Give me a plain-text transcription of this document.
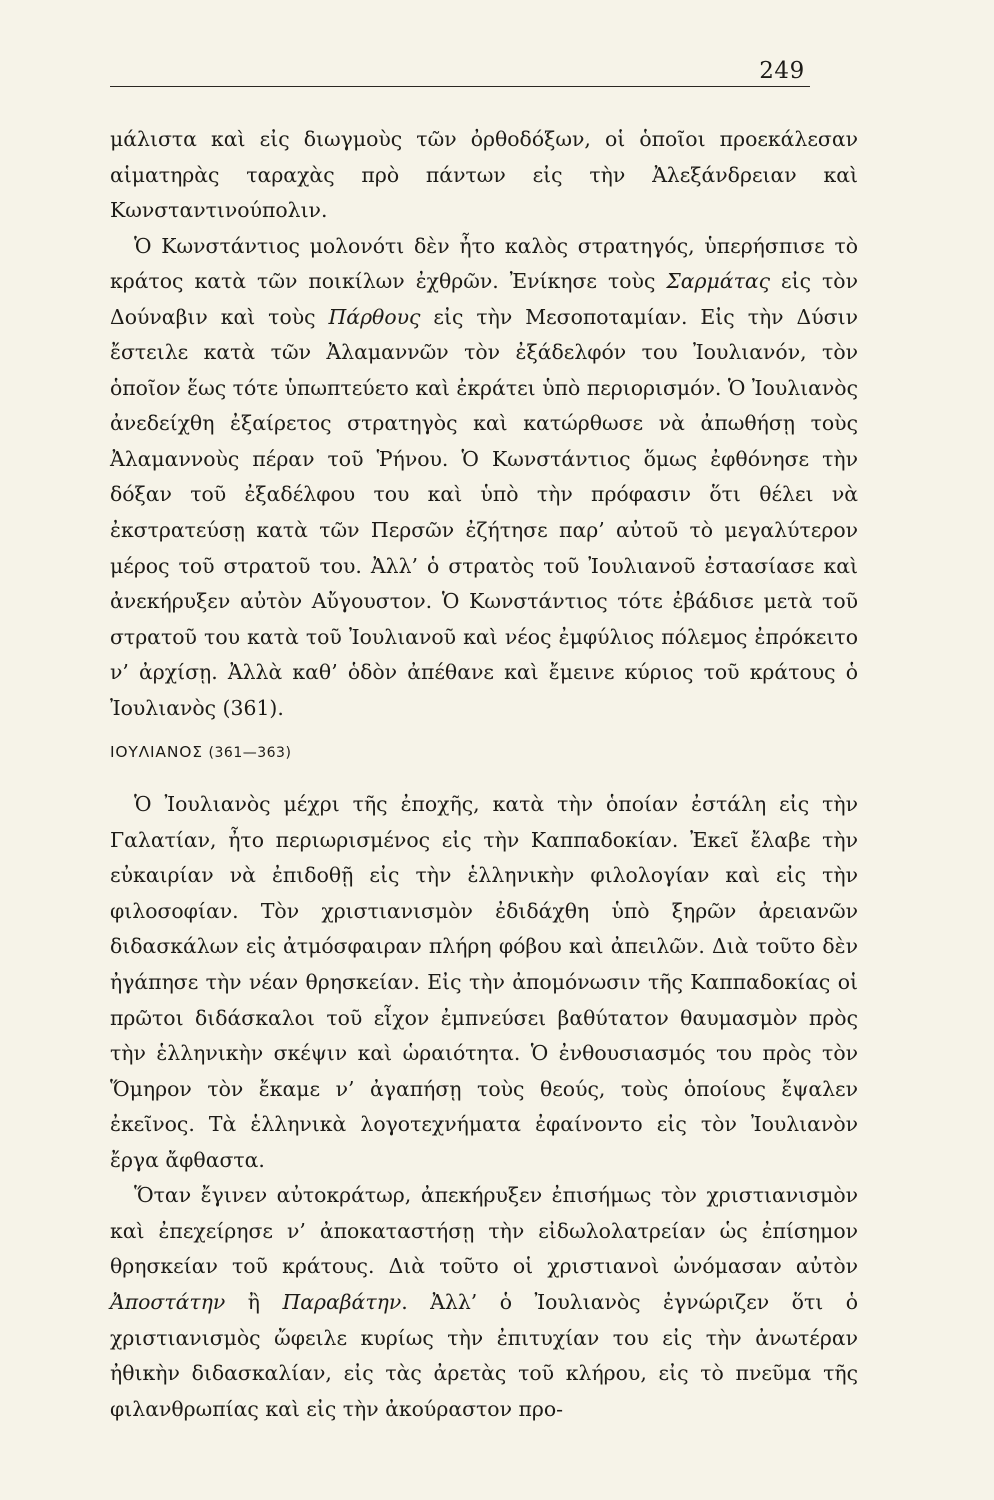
249

μάλιστα καὶ εἰς διωγμοὺς τῶν ὀρθοδόξων, οἱ ὁποῖοι προεκάλεσαν αἱματηρὰς ταραχὰς πρὸ πάντων εἰς τὴν Ἀλεξάνδρειαν καὶ Κωνσταντινούπολιν.

Ὁ Κωνστάντιος μολονότι δὲν ἦτο καλὸς στρατηγός, ὑπερήσπισε τὸ κράτος κατὰ τῶν ποικίλων ἐχθρῶν. Ἐνίκησε τοὺς Σαρμάτας εἰς τὸν Δούναβιν καὶ τοὺς Πάρθους εἰς τὴν Μεσοποταμίαν. Εἰς τὴν Δύσιν ἔστειλε κατὰ τῶν Ἀλαμαννῶν τὸν ἐξάδελφόν του Ἰουλιανόν, τὸν ὁποῖον ἕως τότε ὑπωπτεύετο καὶ ἐκράτει ὑπὸ περιορισμόν. Ὁ Ἰουλιανὸς ἀνεδείχθη ἐξαίρετος στρατηγὸς καὶ κατώρθωσε νὰ ἀπωθήσῃ τοὺς Ἀλαμαννοὺς πέραν τοῦ Ῥήνου. Ὁ Κωνστάντιος ὅμως ἐφθόνησε τὴν δόξαν τοῦ ἐξαδέλφου του καὶ ὑπὸ τὴν πρόφασιν ὅτι θέλει νὰ ἐκστρατεύσῃ κατὰ τῶν Περσῶν ἐζήτησε παρ’ αὐτοῦ τὸ μεγαλύτερον μέρος τοῦ στρατοῦ του. Ἀλλ’ ὁ στρατὸς τοῦ Ἰουλιανοῦ ἐστασίασε καὶ ἀνεκήρυξεν αὐτὸν Αὔγουστον. Ὁ Κωνστάντιος τότε ἐβάδισε μετὰ τοῦ στρατοῦ του κατὰ τοῦ Ἰουλιανοῦ καὶ νέος ἐμφύλιος πόλεμος ἐπρόκειτο ν’ ἀρχίσῃ. Ἀλλὰ καθ’ ὁδὸν ἀπέθανε καὶ ἔμεινε κύριος τοῦ κράτους ὁ Ἰουλιανὸς (361).

ΙΟΥΛΙΑΝΟΣ (361—363)

Ὁ Ἰουλιανὸς μέχρι τῆς ἐποχῆς, κατὰ τὴν ὁποίαν ἐστάλη εἰς τὴν Γαλατίαν, ἦτο περιωρισμένος εἰς τὴν Καππαδοκίαν. Ἐκεῖ ἔλαβε τὴν εὐκαιρίαν νὰ ἐπιδοθῇ εἰς τὴν ἑλληνικὴν φιλολογίαν καὶ εἰς τὴν φιλοσοφίαν. Τὸν χριστιανισμὸν ἐδιδάχθη ὑπὸ ξηρῶν ἀρειανῶν διδασκάλων εἰς ἀτμόσφαιραν πλήρη φόβου καὶ ἀπειλῶν. Διὰ τοῦτο δὲν ἠγάπησε τὴν νέαν θρησκείαν. Εἰς τὴν ἀπομόνωσιν τῆς Καππαδοκίας οἱ πρῶτοι διδάσκαλοι τοῦ εἶχον ἐμπνεύσει βαθύτατον θαυμασμὸν πρὸς τὴν ἑλληνικὴν σκέψιν καὶ ὡραιότητα. Ὁ ἐνθουσιασμός του πρὸς τὸν Ὅμηρον τὸν ἔκαμε ν’ ἀγαπήσῃ τοὺς θεούς, τοὺς ὁποίους ἔψαλεν ἐκεῖνος. Τὰ ἑλληνικὰ λογοτεχνήματα ἐφαίνοντο εἰς τὸν Ἰουλιανὸν ἔργα ἄφθαστα.

Ὅταν ἔγινεν αὐτοκράτωρ, ἀπεκήρυξεν ἐπισήμως τὸν χριστιανισμὸν καὶ ἐπεχείρησε ν’ ἀποκαταστήσῃ τὴν εἰδωλολατρείαν ὡς ἐπίσημον θρησκείαν τοῦ κράτους. Διὰ τοῦτο οἱ χριστιανοὶ ὠνόμασαν αὐτὸν Ἀποστάτην ἢ Παραβάτην. Ἀλλ’ ὁ Ἰουλιανὸς ἐγνώριζεν ὅτι ὁ χριστιανισμὸς ὤφειλε κυρίως τὴν ἐπιτυχίαν του εἰς τὴν ἀνωτέραν ἠθικὴν διδασκαλίαν, εἰς τὰς ἀρετὰς τοῦ κλήρου, εἰς τὸ πνεῦμα τῆς φιλανθρωπίας καὶ εἰς τὴν ἀκούραστον προ-
